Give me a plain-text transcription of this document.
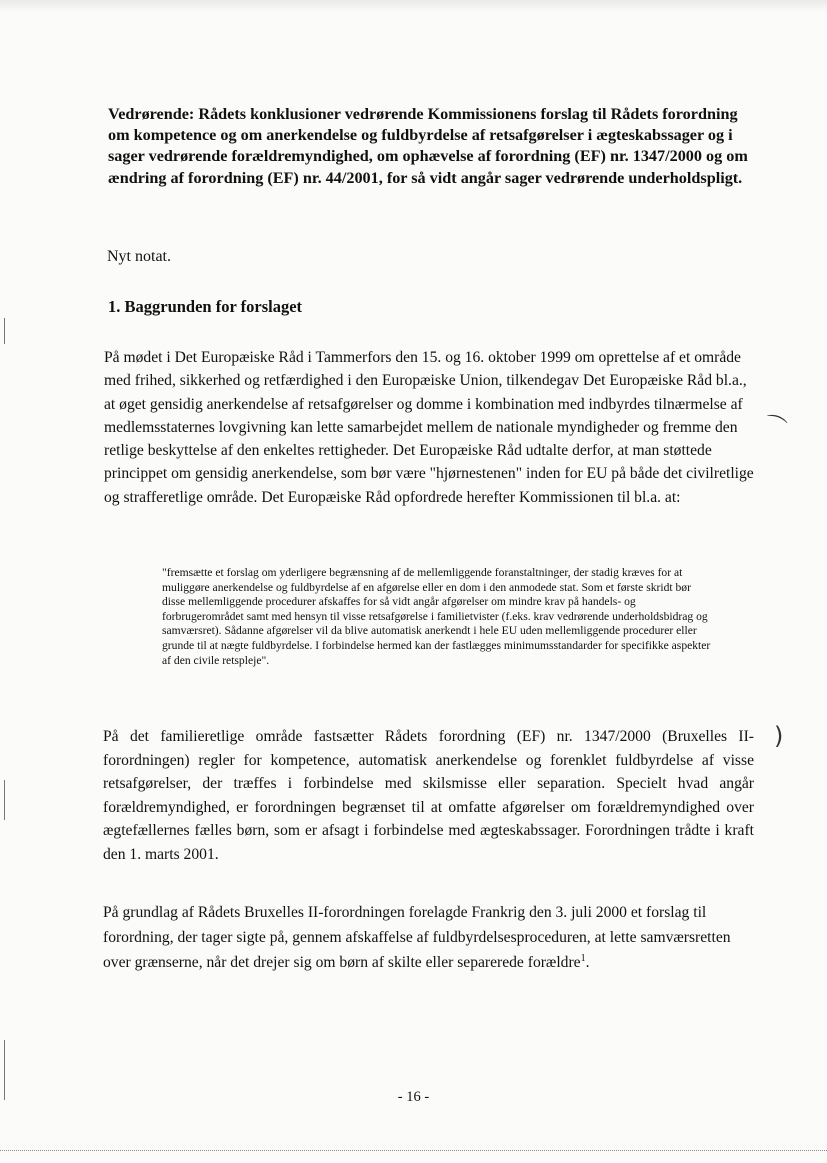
⌒
)

Vedrørende: Rådets konklusioner vedrørende Kommissionens forslag til Rådets forordning om kompetence og om anerkendelse og fuldbyrdelse af retsafgørelser i ægteskabssager og i sager vedrørende forældremyndighed, om ophævelse af forordning (EF) nr. 1347/2000 og om ændring af forordning (EF) nr. 44/2001, for så vidt angår sager vedrørende underholdspligt.

Nyt notat.

1. Baggrunden for forslaget

På mødet i Det Europæiske Råd i Tammerfors den 15. og 16. oktober 1999 om oprettelse af et område med frihed, sikkerhed og retfærdighed i den Europæiske Union, tilkendegav Det Europæiske Råd bl.a., at øget gensidig anerkendelse af retsafgørelser og domme i kombination med indbyrdes tilnærmelse af medlemsstaternes lovgivning kan lette samarbejdet mellem de nationale myndigheder og fremme den retlige beskyttelse af den enkeltes rettigheder. Det Europæiske Råd udtalte derfor, at man støttede princippet om gensidig anerkendelse, som bør være "hjørnestenen" inden for EU på både det civilretlige og strafferetlige område. Det Europæiske Råd opfordrede herefter Kommissionen til bl.a. at:

"fremsætte et forslag om yderligere begrænsning af de mellemliggende foranstaltninger, der stadig kræves for at muliggøre anerkendelse og fuldbyrdelse af en afgørelse eller en dom i den anmodede stat. Som et første skridt bør disse mellemliggende procedurer afskaffes for så vidt angår afgørelser om mindre krav på handels- og forbrugerområdet samt med hensyn til visse retsafgørelse i familietvister (f.eks. krav vedrørende underholdsbidrag og samværsret). Sådanne afgørelser vil da blive automatisk anerkendt i hele EU uden mellemliggende procedurer eller grunde til at nægte fuldbyrdelse. I forbindelse hermed kan der fastlægges minimumsstandarder for specifikke aspekter af den civile retspleje".

På det familieretlige område fastsætter Rådets forordning (EF) nr. 1347/2000 (Bruxelles II-forordningen) regler for kompetence, automatisk anerkendelse og forenklet fuldbyrdelse af visse retsafgørelser, der træffes i forbindelse med skilsmisse eller separation. Specielt hvad angår forældremyndighed, er forordningen begrænset til at omfatte afgørelser om forældremyndighed over ægtefællernes fælles børn, som er afsagt i forbindelse med ægteskabssager. Forordningen trådte i kraft den 1. marts 2001.

På grundlag af Rådets Bruxelles II-forordningen forelagde Frankrig den 3. juli 2000 et forslag til forordning, der tager sigte på, gennem afskaffelse af fuldbyrdelsesproceduren, at lette samværsretten over grænserne, når det drejer sig om børn af skilte eller separerede forældre$^1$.

- 16 -
